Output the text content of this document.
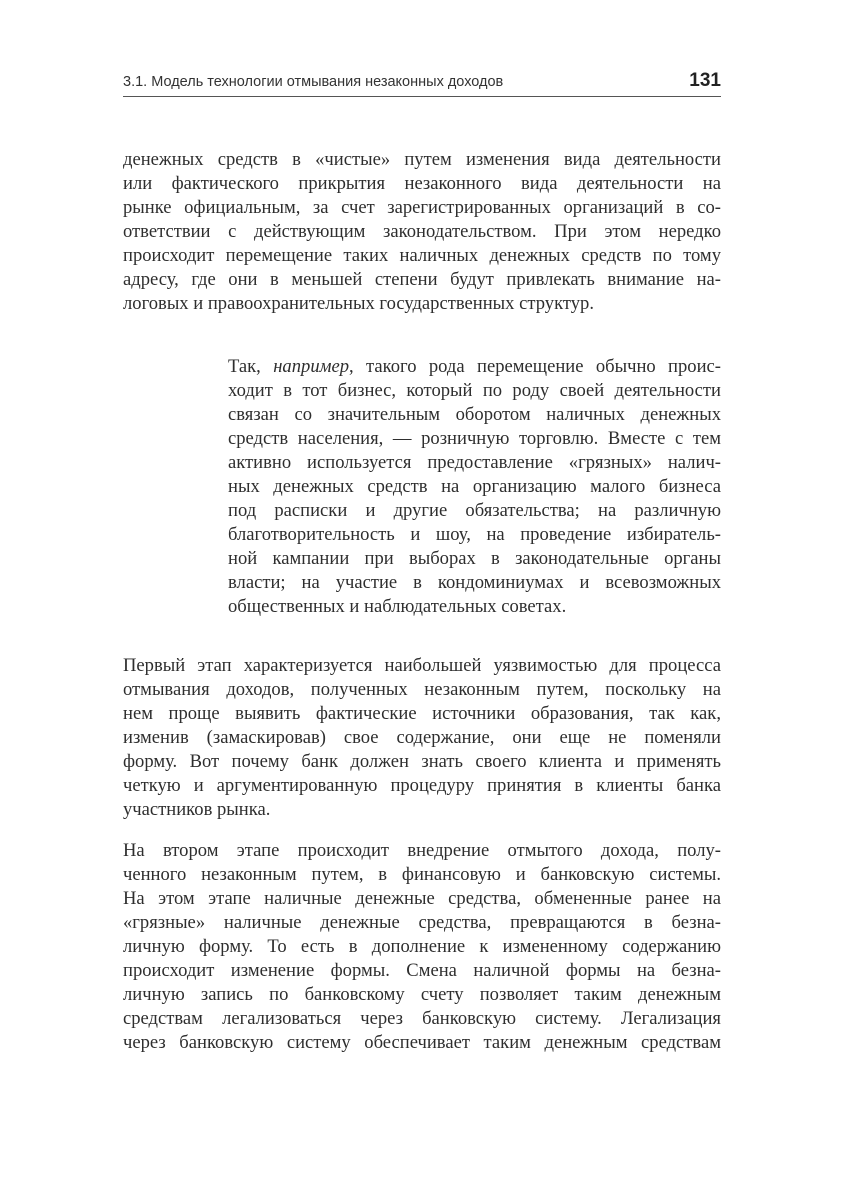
3.1. Модель технологии отмывания незаконных доходов	131
денежных средств в «чистые» путем изменения вида деятельности
или фактического прикрытия незаконного вида деятельности на
рынке официальным, за счет зарегистрированных организаций в со-
ответствии с действующим законодательством. При этом нередко
происходит перемещение таких наличных денежных средств по тому
адресу, где они в меньшей степени будут привлекать внимание на-
логовых и правоохранительных государственных структур.
Так, например, такого рода перемещение обычно проис-
ходит в тот бизнес, который по роду своей деятельности
связан со значительным оборотом наличных денежных
средств населения, — розничную торговлю. Вместе с тем
активно используется предоставление «грязных» налич-
ных денежных средств на организацию малого бизнеса
под расписки и другие обязательства; на различную
благотворительность и шоу, на проведение избиратель-
ной кампании при выборах в законодательные органы
власти; на участие в кондоминиумах и всевозможных
общественных и наблюдательных советах.
Первый этап характеризуется наибольшей уязвимостью для процесса
отмывания доходов, полученных незаконным путем, поскольку на
нем проще выявить фактические источники образования, так как,
изменив (замаскировав) свое содержание, они еще не поменяли
форму. Вот почему банк должен знать своего клиента и применять
четкую и аргументированную процедуру принятия в клиенты банка
участников рынка.
На втором этапе происходит внедрение отмытого дохода, полу-
ченного незаконным путем, в финансовую и банковскую системы.
На этом этапе наличные денежные средства, обмененные ранее на
«грязные» наличные денежные средства, превращаются в безна-
личную форму. То есть в дополнение к измененному содержанию
происходит изменение формы. Смена наличной формы на безна-
личную запись по банковскому счету позволяет таким денежным
средствам легализоваться через банковскую систему. Легализация
через банковскую систему обеспечивает таким денежным средствам
